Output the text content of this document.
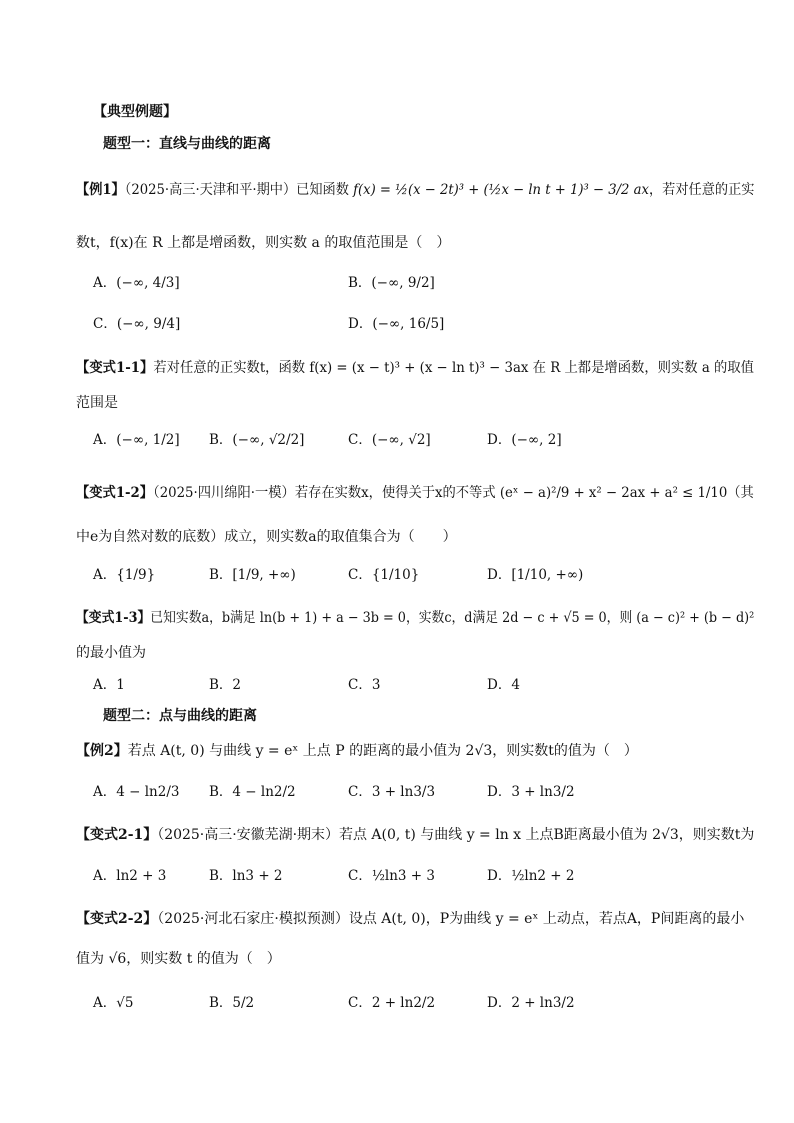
【典型例题】
题型一：直线与曲线的距离
【例1】（2025·高三·天津和平·期中）已知函数 f(x) = ½(x − 2t)³ + (½x − ln t + 1)³ − 3/2 ax，若对任意的正实
数t，f(x)在 R 上都是增函数，则实数 a 的取值范围是（　）
A．(−∞, 4/3]	B．(−∞, 9/2]
C．(−∞, 9/4]	D．(−∞, 16/5]
【变式1-1】若对任意的正实数t，函数 f(x) = (x − t)³ + (x − ln t)³ − 3ax 在 R 上都是增函数，则实数 a 的取值
范围是
A．(−∞, 1/2] B．(−∞, √2/2]	C．(−∞, √2]	D．(−∞, 2]
【变式1-2】（2025·四川绵阳·一模）若存在实数x，使得关于x的不等式 (eˣ − a)²/9 + x² − 2ax + a² ≤ 1/10（其
中e为自然对数的底数）成立，则实数a的取值集合为（　　）
A．{1/9}	B．[1/9, +∞)	C．{1/10}	D．[1/10, +∞)
【变式1-3】已知实数a，b满足 ln(b + 1) + a − 3b = 0，实数c，d满足 2d − c + √5 = 0，则 (a − c)² + (b − d)²
的最小值为
A．1	B．2	C．3	D．4
题型二：点与曲线的距离
【例2】若点 A(t, 0) 与曲线 y = eˣ 上点 P 的距离的最小值为 2√3，则实数t的值为（　）
A．4 − ln2/3 B．4 − ln2/2	C．3 + ln3/3	D．3 + ln3/2
【变式2-1】（2025·高三·安徽芜湖·期末）若点 A(0, t) 与曲线 y = ln x 上点B距离最小值为 2√3，则实数t为
A．ln2 + 3	B．ln3 + 2	C．½ln3 + 3	D．½ln2 + 2
【变式2-2】（2025·河北石家庄·模拟预测）设点 A(t, 0)，P为曲线 y = eˣ 上动点，若点A，P间距离的最小
值为 √6，则实数 t 的值为（　）
A．√5	B．5/2	C．2 + ln2/2	D．2 + ln3/2
